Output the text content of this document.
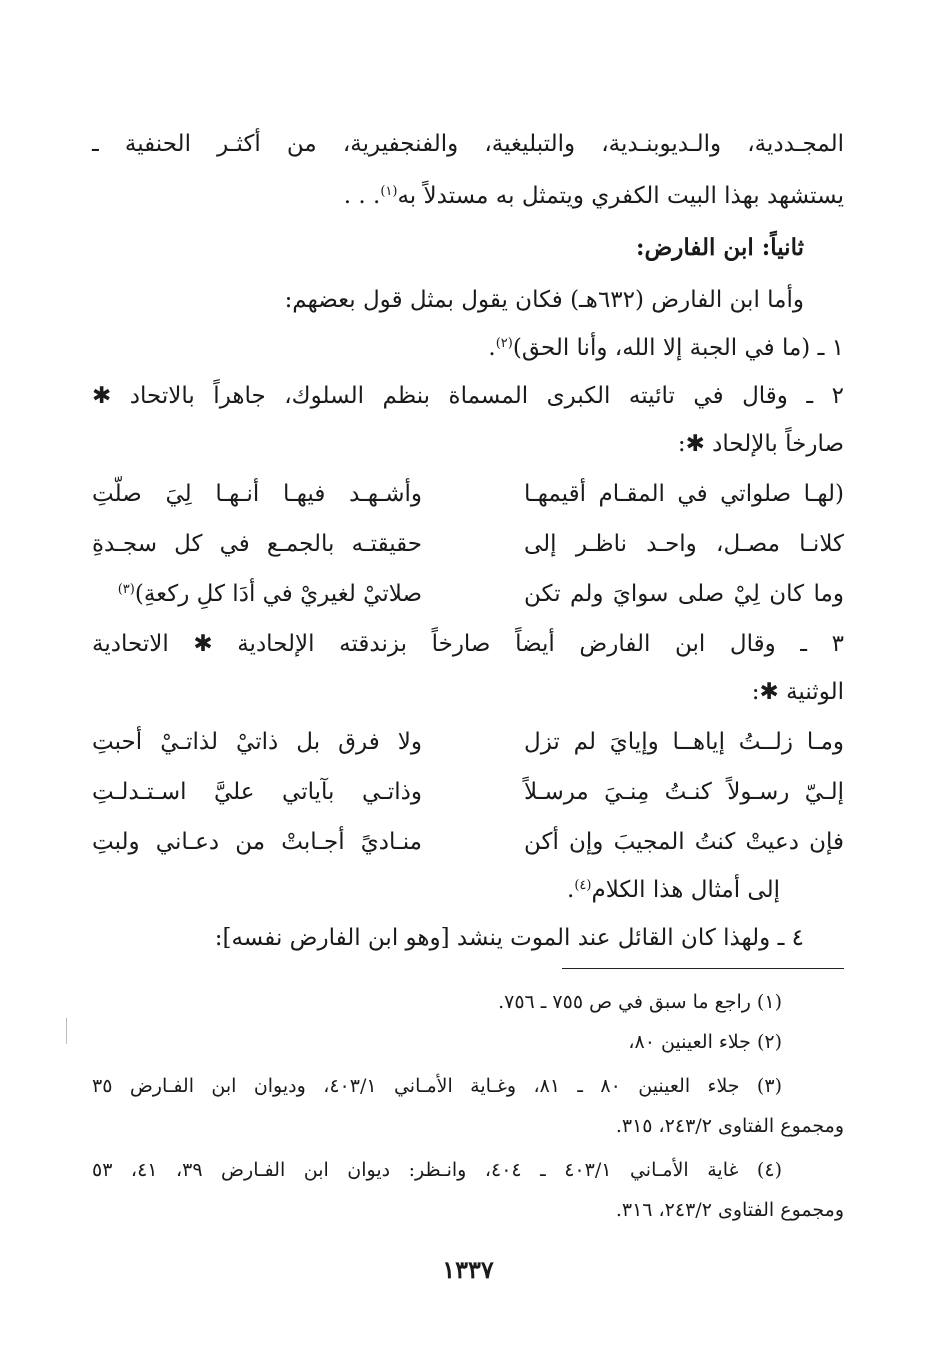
المجـددية، والـديوبنـدية، والتبليغية، والفنجفيرية، من أكثـر الحنفية ـ
يستشهد بهذا البيت الكفري ويتمثل به مستدلاً به$^{(١)}$. . .
ثانياً: ابن الفارض:
وأما ابن الفارض (٦٣٢هـ) فكان يقول بمثل قول بعضهم:
١ ـ (ما في الجبة إلا الله، وأنا الحق)$^{(٢)}$.
٢ ـ وقال في تائيته الكبرى المسماة بنظم السلوك، جاهراً بالاتحاد ✱
صارخاً بالإلحاد ✱:
(لهـا صلواتي في المقـام أقيمهـا
وأشـهـد فيهـا أنـهـا لِيَ صلّتِ
كلانـا مصـل، واحـد ناظـر إلى
حقيقتـه بالجمـع في كل سجـدةِ
وما كان لِيْ صلى سوايَ ولم تكن
صلاتيْ لغيريْ في أدَا كلِ ركعةِ)$^{(٣)}$
٣ ـ وقال ابن الفارض أيضاً صارخاً بزندقته الإلحادية ✱ الاتحادية
الوثنية ✱:
ومـا زلــتُ إياهــا وإيايَ لم تزل
ولا فرق بل ذاتيْ لذاتـيْ أحبتِ
إلـيّ رسـولاً كنـتُ مِنـيَ مرسـلاً
وذاتـي بآياتي عليَّ اسـتـدلـتِ
فإن دعيتْ كنتُ المجيبَ وإن أكن
منـاديً أجـابتْ من دعـاني ولبتِ
إلى أمثال هذا الكلام$^{(٤)}$.
٤ ـ ولهذا كان القائل عند الموت ينشد [وهو ابن الفارض نفسه]:
(١) راجع ما سبق في ص ٧٥٥ ـ ٧٥٦.
(٢) جلاء العينين ٨٠،
(٣) جلاء العينين ٨٠ ـ ٨١، وغـاية الأمـاني ٤٠٣/١، وديوان ابن الفـارض ٣٥
ومجموع الفتاوى ٢٤٣/٢، ٣١٥.
(٤) غاية الأمـاني ٤٠٣/١ ـ ٤٠٤، وانـظر: ديوان ابن الفـارض ٣٩، ٤١، ٥٣
ومجموع الفتاوى ٢٤٣/٢، ٣١٦.
١٣٣٧
